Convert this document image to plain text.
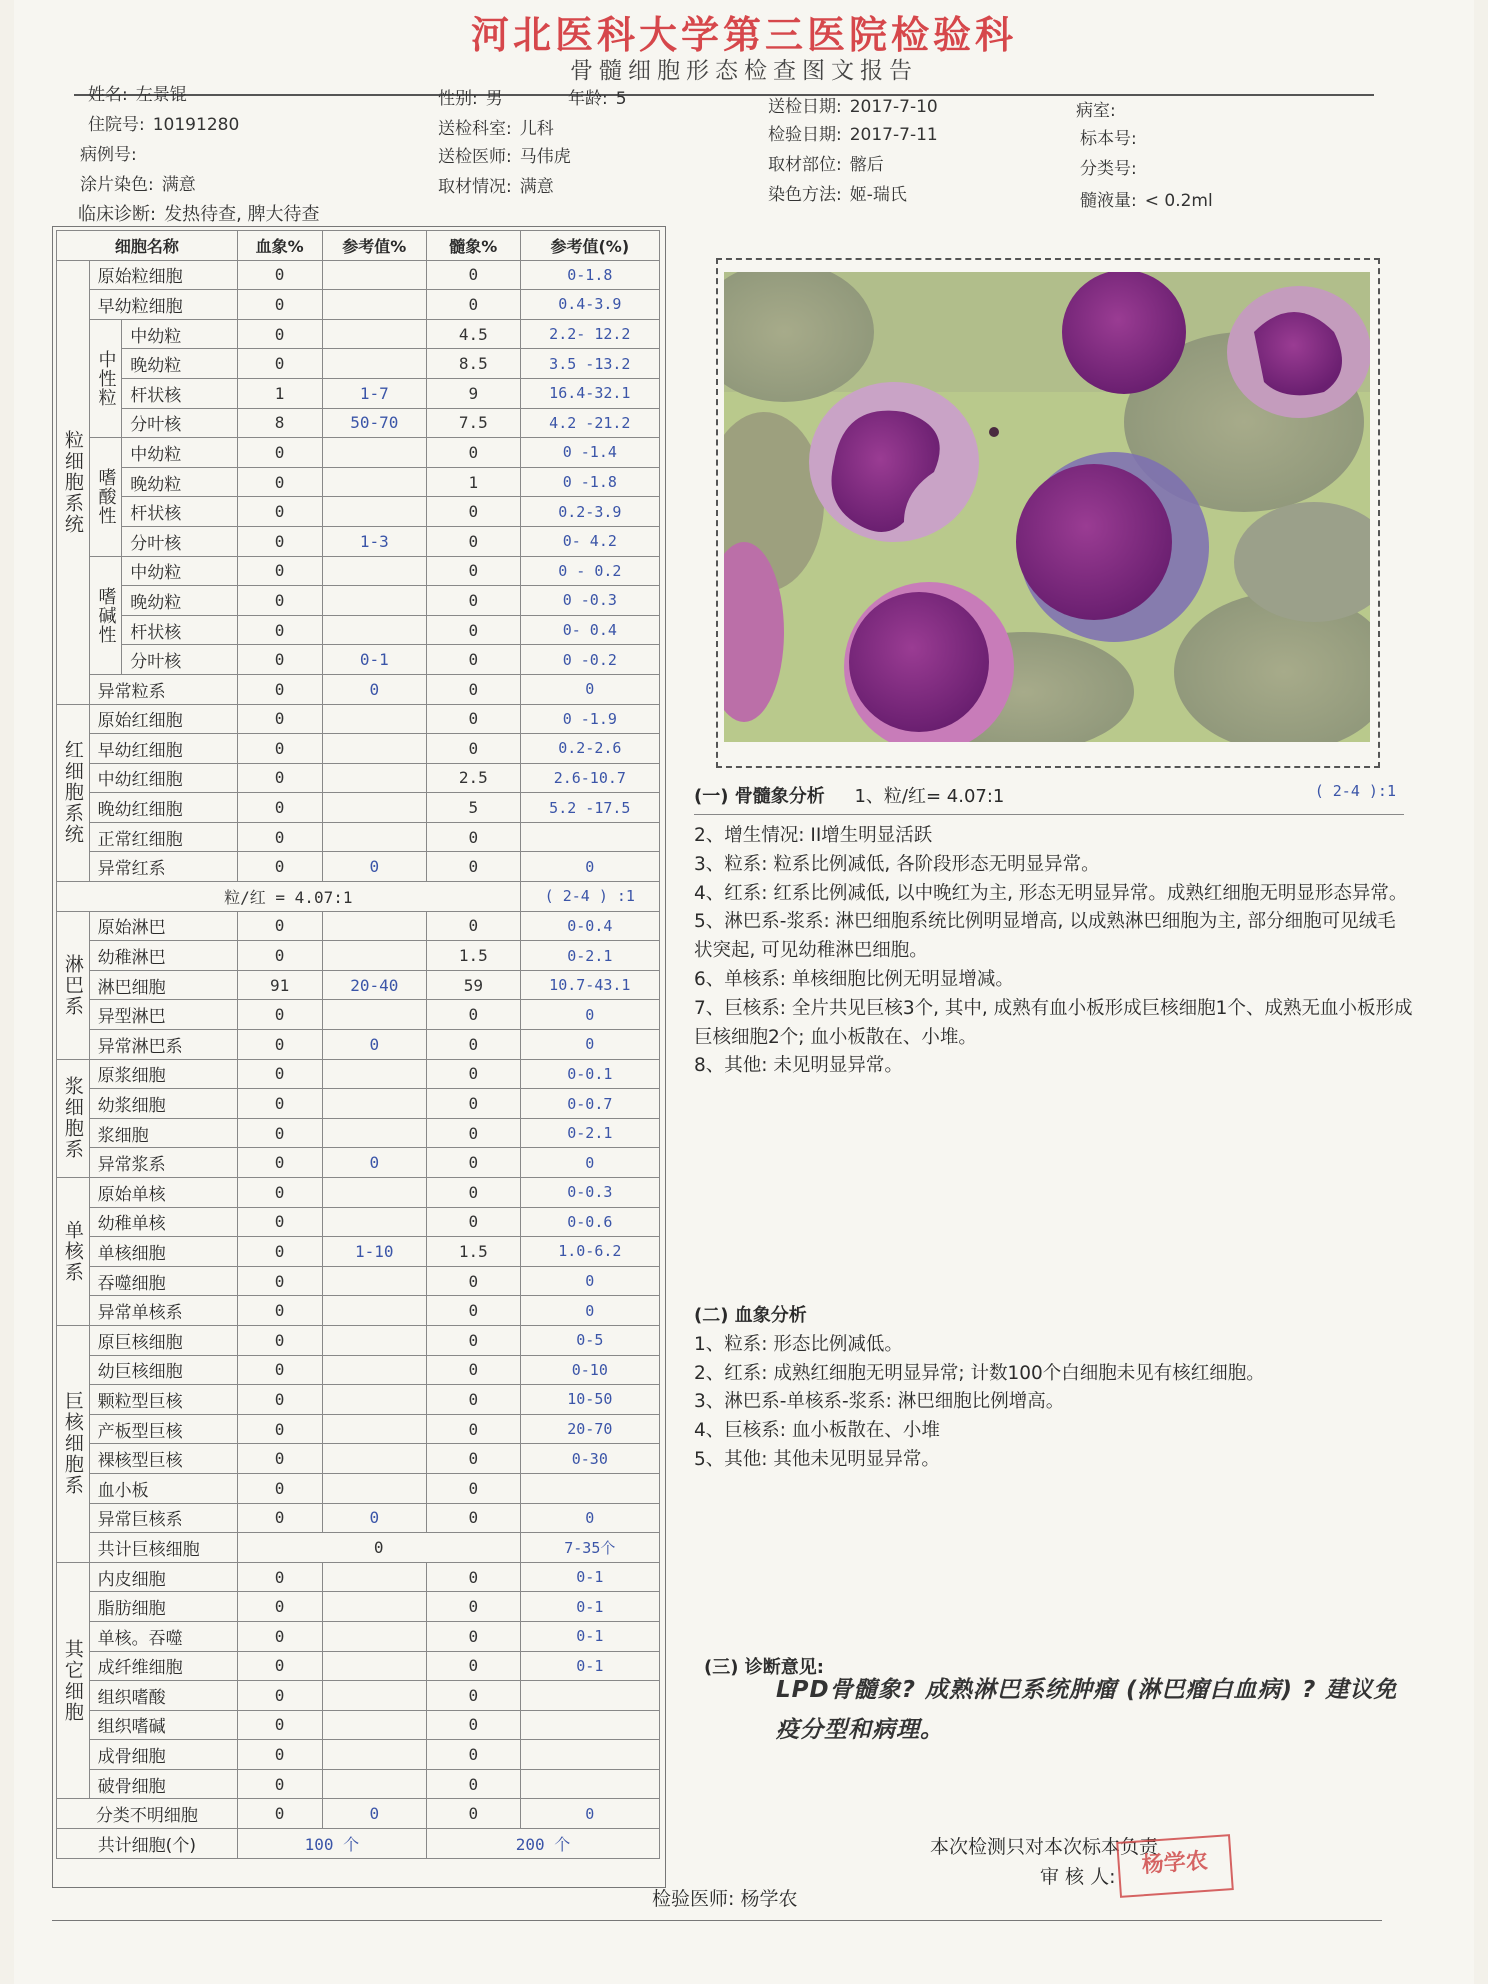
河北医科大学第三医院检验科
骨髓细胞形态检查图文报告
姓名: 左景锟	性别: 男	年龄: 5	送检日期: 2017-7-10	病室:
住院号: 10191280	送检科室: 儿科	检验日期: 2017-7-11	标本号:
病例号:	送检医师: 马伟虎	取材部位: 髂后	分类号:
涂片染色: 满意	取材情况: 满意	染色方法: 姬-瑞氏	髓液量: < 0.2ml
临床诊断: 发热待查, 脾大待查
细胞名称			血象%	参考值%	髓象%	参考值(%)
粒细胞系统	原始粒细胞		0		0	0-1.8
	早幼粒细胞		0		0	0.4-3.9
	中性粒	中幼粒	0		4.5	2.2- 12.2
		晚幼粒	0		8.5	3.5 -13.2
		杆状核	1	1-7	9	16.4-32.1
		分叶核	8	50-70	7.5	4.2 -21.2
	嗜酸性	中幼粒	0		0	0 -1.4
		晚幼粒	0		1	0 -1.8
		杆状核	0		0	0.2-3.9
		分叶核	0	1-3	0	0- 4.2
	嗜碱性	中幼粒	0		0	0 - 0.2
		晚幼粒	0		0	0 -0.3
		杆状核	0		0	0- 0.4
		分叶核	0	0-1	0	0 -0.2
	异常粒系		0	0	0	0
红细胞系统	原始红细胞		0		0	0 -1.9
	早幼红细胞		0		0	0.2-2.6
	中幼红细胞		0		2.5	2.6-10.7
	晚幼红细胞		0		5	5.2 -17.5
	正常红细胞		0		0	
	异常红系		0	0	0	0
粒/红 = 4.07:1						( 2-4 ) :1
淋巴系	原始淋巴		0		0	0-0.4
	幼稚淋巴		0		1.5	0-2.1
	淋巴细胞		91	20-40	59	10.7-43.1
	异型淋巴		0		0	0
	异常淋巴系		0	0	0	0
浆细胞系	原浆细胞		0		0	0-0.1
	幼浆细胞		0		0	0-0.7
	浆细胞		0		0	0-2.1
	异常浆系		0	0	0	0
单核系	原始单核		0		0	0-0.3
	幼稚单核		0		0	0-0.6
	单核细胞		0	1-10	1.5	1.0-6.2
	吞噬细胞		0		0	0
	异常单核系		0		0	0
巨核细胞系	原巨核细胞		0		0	0-5
	幼巨核细胞		0		0	0-10
	颗粒型巨核		0		0	10-50
	产板型巨核		0		0	20-70
	裸核型巨核		0		0	0-30
	血小板		0		0	
	异常巨核系		0	0	0	0
	共计巨核细胞		0			7-35个
其它细胞	内皮细胞		0		0	0-1
	脂肪细胞		0		0	0-1
	单核。吞噬		0		0	0-1
	成纤维细胞		0		0	0-1
	组织嗜酸		0		0	
	组织嗜碱		0		0	
	成骨细胞		0		0	
	破骨细胞		0		0	
分类不明细胞			0	0	0	0
共计细胞(个)			100 个		200 个	
(一) 骨髓象分析 1、粒/红= 4.07:1	( 2-4 ):1
2、增生情况: II增生明显活跃
3、粒系: 粒系比例减低, 各阶段形态无明显异常。
4、红系: 红系比例减低, 以中晚红为主, 形态无明显异常。成熟红细胞无明显形态异常。
5、淋巴系-浆系: 淋巴细胞系统比例明显增高, 以成熟淋巴细胞为主, 部分细胞可见绒毛状突起, 可见幼稚淋巴细胞。
6、单核系: 单核细胞比例无明显增减。
7、巨核系: 全片共见巨核3个, 其中, 成熟有血小板形成巨核细胞1个、成熟无血小板形成巨核细胞2个; 血小板散在、小堆。
8、其他: 未见明显异常。
(二) 血象分析
1、粒系: 形态比例减低。
2、红系: 成熟红细胞无明显异常; 计数100个白细胞未见有核红细胞。
3、淋巴系-单核系-浆系: 淋巴细胞比例增高。
4、巨核系: 血小板散在、小堆
5、其他: 其他未见明显异常。
(三) 诊断意见:
LPD骨髓象? 成熟淋巴系统肿瘤 (淋巴瘤白血病) ? 建议免疫分型和病理。
本次检测只对本次标本负责
审 核 人:	杨学农
检验医师: 杨学农
